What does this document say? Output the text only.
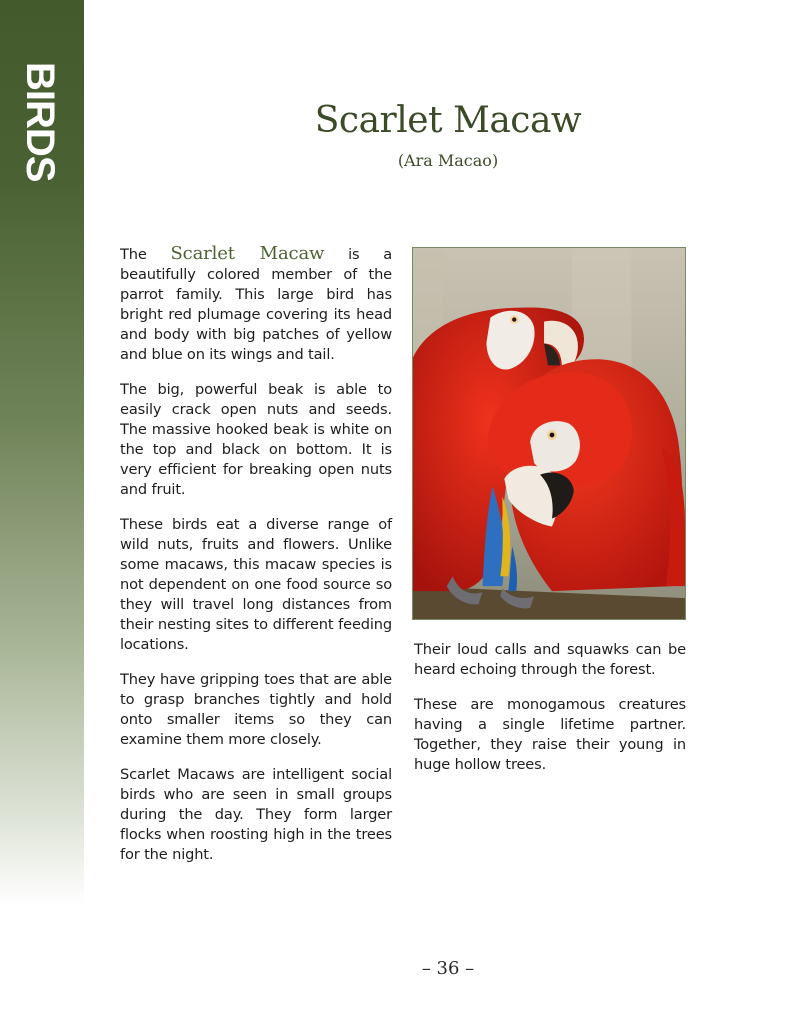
BIRDS	Scarlet Macaw
(Ara Macao)

The Scarlet Macaw is a beautifully colored member of the parrot family. This large bird has bright red plumage covering its head and body with big patches of yellow and blue on its wings and tail.

The big, powerful beak is able to easily crack open nuts and seeds. The massive hooked beak is white on the top and black on bottom. It is very efficient for breaking open nuts and fruit.

These birds eat a diverse range of wild nuts, fruits and flowers. Unlike some macaws, this macaw species is not dependent on one food source so they will travel long distances from their nesting sites to different feeding locations.

They have gripping toes that are able to grasp branches tightly and hold onto smaller items so they can examine them more closely.

Scarlet Macaws are intelligent social birds who are seen in small groups during the day. They form larger flocks when roosting high in the trees for the night.

Their loud calls and squawks can be heard echoing through the forest.

These are monogamous creatures having a single lifetime partner. Together, they raise their young in huge hollow trees.

– 36 –
